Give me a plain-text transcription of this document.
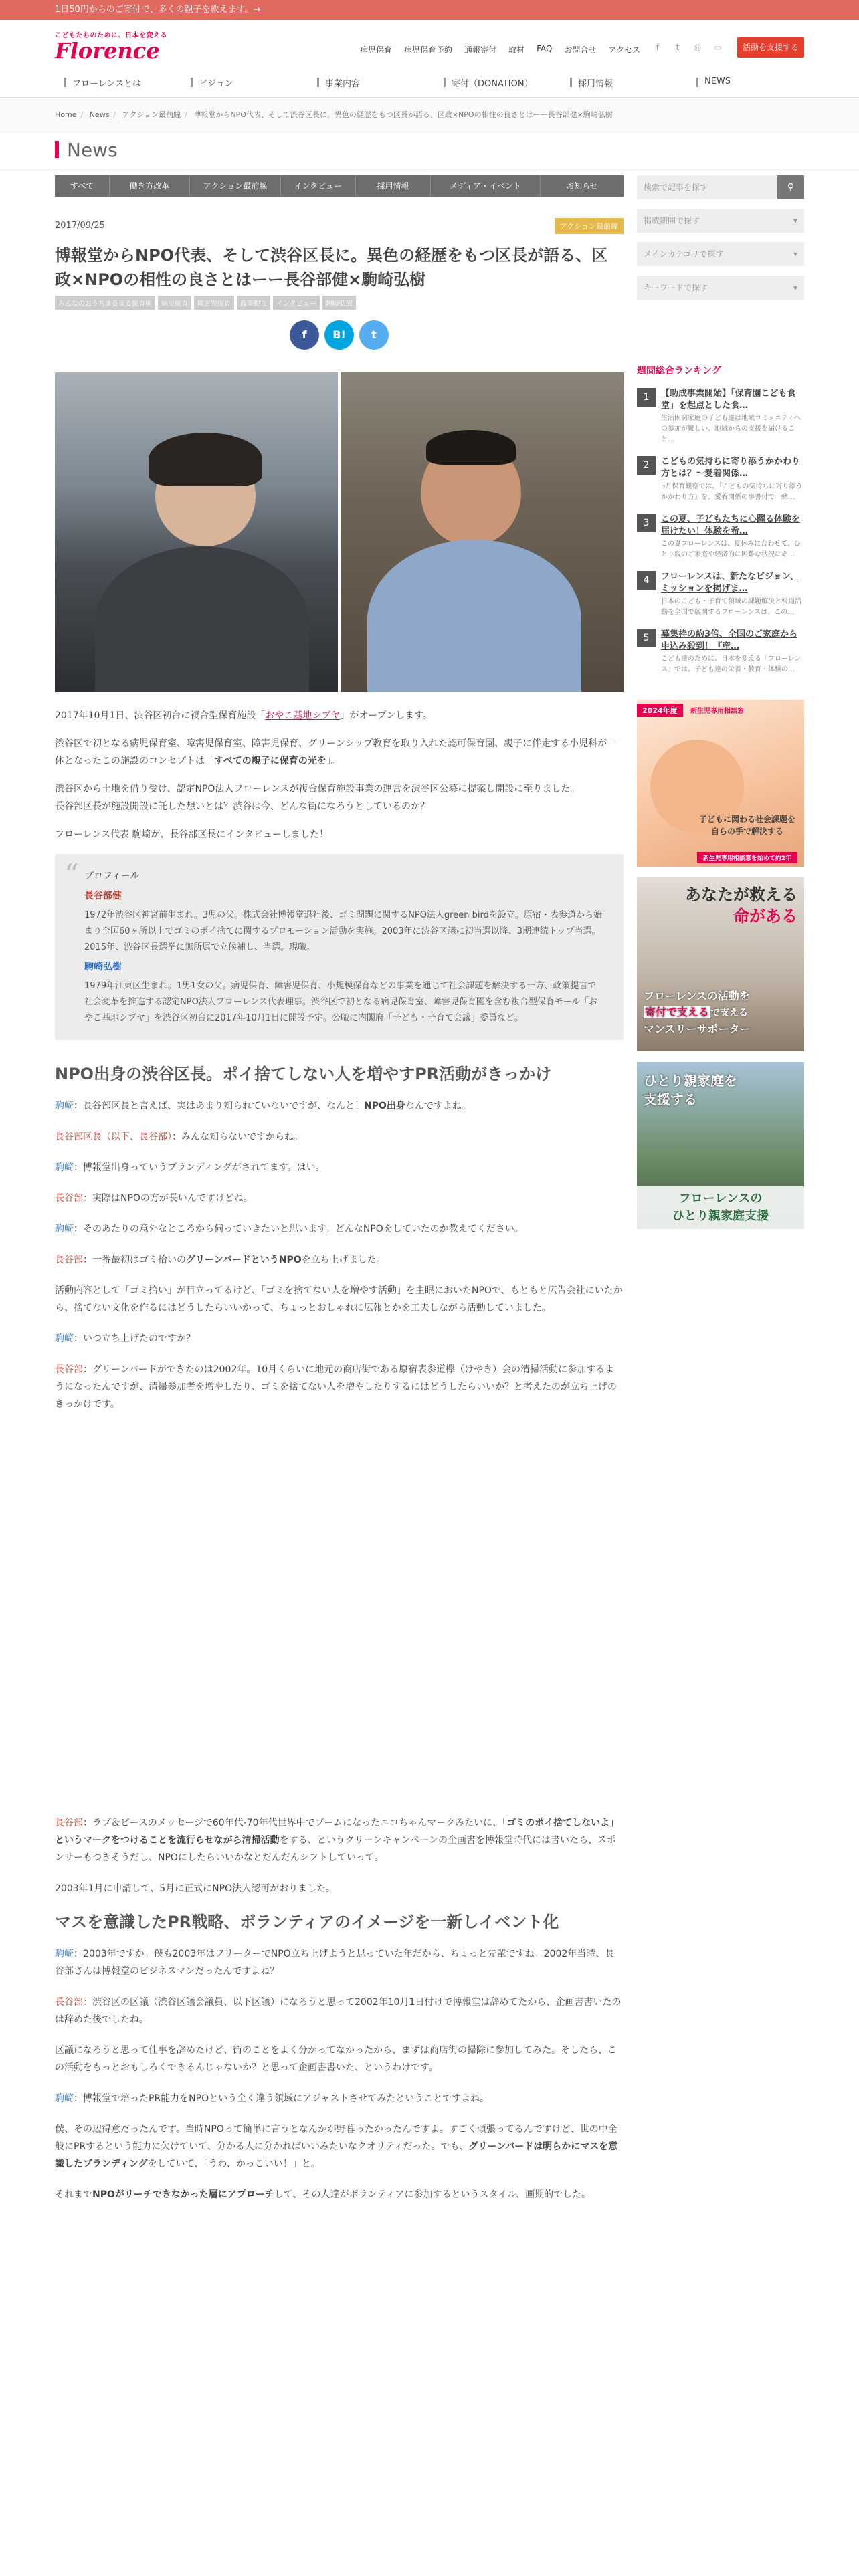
1日50円からのご寄付で、多くの親子を救えます。→
こどもたちのために、日本を変える
Florence	病児保育 病児保育予約 通報寄付 取材 FAQ お問合せ アクセス	f	t	◎ ▭	活動を支援する
フローレンスとは	ビジョン	事業内容	寄付（DONATION）	採用情報	NEWS
Home / News / アクション最前線 / 博報堂からNPO代表、そして渋谷区長に。異色の経歴をもつ区長が語る、区政×NPOの相性の良さとはーー長谷部健×駒崎弘樹
News
すべて	働き方改革	アクション最前線	インタビュー	採用情報	メディア・イベント	お知らせ
2017/09/25	アクション最前線
博報堂からNPO代表、そして渋谷区長に。異色の経歴をもつ区長が語る、区政×NPOの相性の良さとはーー長谷部健×駒崎弘樹
みんなのおうちまるまる保育園	病児保育	障害児保育	政策提言	インタビュー	駒崎弘樹
f	B!	t

2017年10月1日、渋谷区初台に複合型保育施設「おやこ基地シブヤ」がオープンします。

渋谷区で初となる病児保育室、障害児保育室、障害児保育、グリーンシップ教育を取り入れた認可保育園、親子に伴走する小児科が一体となったこの施設のコンセプトは「すべての親子に保育の光を」。

渋谷区から土地を借り受け、認定NPO法人フローレンスが複合保育施設事業の運営を渋谷区公募に提案し開設に至りました。
長谷部区長が施設開設に託した想いとは？渋谷は今、どんな街になろうとしているのか？

フローレンス代表 駒崎が、長谷部区長にインタビューしました！

“ プロフィール
長谷部健
1972年渋谷区神宮前生まれ。3児の父。株式会社博報堂退社後、ゴミ問題に関するNPO法人green birdを設立。原宿・表参道から始まり全国60ヶ所以上でゴミのポイ捨てに関するプロモーション活動を実施。2003年に渋谷区議に初当選以降、3期連続トップ当選。2015年、渋谷区長選挙に無所属で立候補し、当選。現職。
駒崎弘樹
1979年江東区生まれ。1男1女の父。病児保育、障害児保育、小規模保育などの事業を通じて社会課題を解決する一方、政策提言で社会変革を推進する認定NPO法人フローレンス代表理事。渋谷区で初となる病児保育室、障害児保育園を含む複合型保育モール「おやこ基地シブヤ」を渋谷区初台に2017年10月1日に開設予定。公職に内閣府「子ども・子育て会議」委員など。
NPO出身の渋谷区長。ポイ捨てしない人を増やすPR活動がきっかけ

駒崎：長谷部区長と言えば、実はあまり知られていないですが、なんと！NPO出身なんですよね。

長谷部区長（以下、長谷部）：みんな知らないですからね。

駒崎：博報堂出身っていうブランディングがされてます。はい。

長谷部：実際はNPOの方が長いんですけどね。

駒崎：そのあたりの意外なところから伺っていきたいと思います。どんなNPOをしていたのか教えてください。

長谷部：一番最初はゴミ拾いのグリーンバードというNPOを立ち上げました。

活動内容として「ゴミ拾い」が目立ってるけど、「ゴミを捨てない人を増やす活動」を主眼においたNPOで、もともと広告会社にいたから、捨てない文化を作るにはどうしたらいいかって、ちょっとおしゃれに広報とかを工夫しながら活動していました。

駒崎：いつ立ち上げたのですか？

長谷部：グリーンバードができたのは2002年。10月くらいに地元の商店街である原宿表参道欅（けやき）会の清掃活動に参加するようになったんですが、清掃参加者を増やしたり、ゴミを捨てない人を増やしたりするにはどうしたらいいか？と考えたのが立ち上げのきっかけです。

長谷部：ラブ＆ピースのメッセージで60年代-70年代世界中でブームになったニコちゃんマークみたいに、「ゴミのポイ捨てしないよ」というマークをつけることを流行らせながら清掃活動をする、というクリーンキャンペーンの企画書を博報堂時代には書いたら、スポンサーもつきそうだし、NPOにしたらいいかなとだんだんシフトしていって。

2003年1月に申請して、5月に正式にNPO法人認可がおりました。

マスを意識したPR戦略、ボランティアのイメージを一新しイベント化

駒崎：2003年ですか。僕も2003年はフリーターでNPO立ち上げようと思っていた年だから、ちょっと先輩ですね。2002年当時、長谷部さんは博報堂のビジネスマンだったんですよね？

長谷部：渋谷区の区議（渋谷区議会議員、以下区議）になろうと思って2002年10月1日付けで博報堂は辞めてたから、企画書書いたのは辞めた後でしたね。

区議になろうと思って仕事を辞めたけど、街のことをよく分かってなかったから、まずは商店街の掃除に参加してみた。そしたら、この活動をもっとおもしろくできるんじゃないか？と思って企画書書いた、というわけです。

駒崎：博報堂で培ったPR能力をNPOという全く違う領域にアジャストさせてみたということですよね。

僕、その辺得意だったんです。当時NPOって簡単に言うとなんかが野暮ったかったんですよ。すごく頑張ってるんですけど、世の中全般にPRするという能力に欠けていて、分かる人に分かればいいみたいなクオリティだった。でも、グリーンバードは明らかにマスを意識したブランディングをしていて、「うわ、かっこいい！」と。

それまでNPOがリーチできなかった層にアプローチして、その人達がボランティアに参加するというスタイル、画期的でした。

検索で記事を探す	⚲
掲載期間で探す ▾
メインカテゴリで探す ▾
キーワードで探す ▾
週間総合ランキング
1	【助成事業開始】「保育園こども食堂」を起点とした食…
生活困窮家庭の子ども達は地域コミュニティへの参加が難しい。地域からの支援を届けること…
2	こどもの気持ちに寄り添うかかわり方とは？〜愛着関係…
3月保育観察では、「こどもの気持ちに寄り添うかかわり方」を、愛着関係の事書付で一緒…
3	この夏、子どもたちに心躍る体験を届けたい！体験を希…
この夏フローレンスは、夏休みに合わせて、ひとり親のご家庭や経済的に困難な状況にあ…
4	フローレンスは、新たなビジョン、ミッションを掲げま…
日本のこども・子育て領域の課題解決と報道活動を全国で展開するフローレンスは、この…
5	募集枠の約3倍、全国のご家庭から申込み殺到！『産…
こども達のために、日本を変える「フローレンス」では、子ども達の栄養・教育・体験の…
2024年度	新生児専用相談窓
子どもに関わる社会課題を自らの手で解決する
新生児専用相談窓を始めて約2年
あなたが救える
命がある
フローレンスの活動を
寄付で支える で支える
マンスリーサポーター
ひとり親家庭を
支援する
フローレンスの
ひとり親家庭支援
